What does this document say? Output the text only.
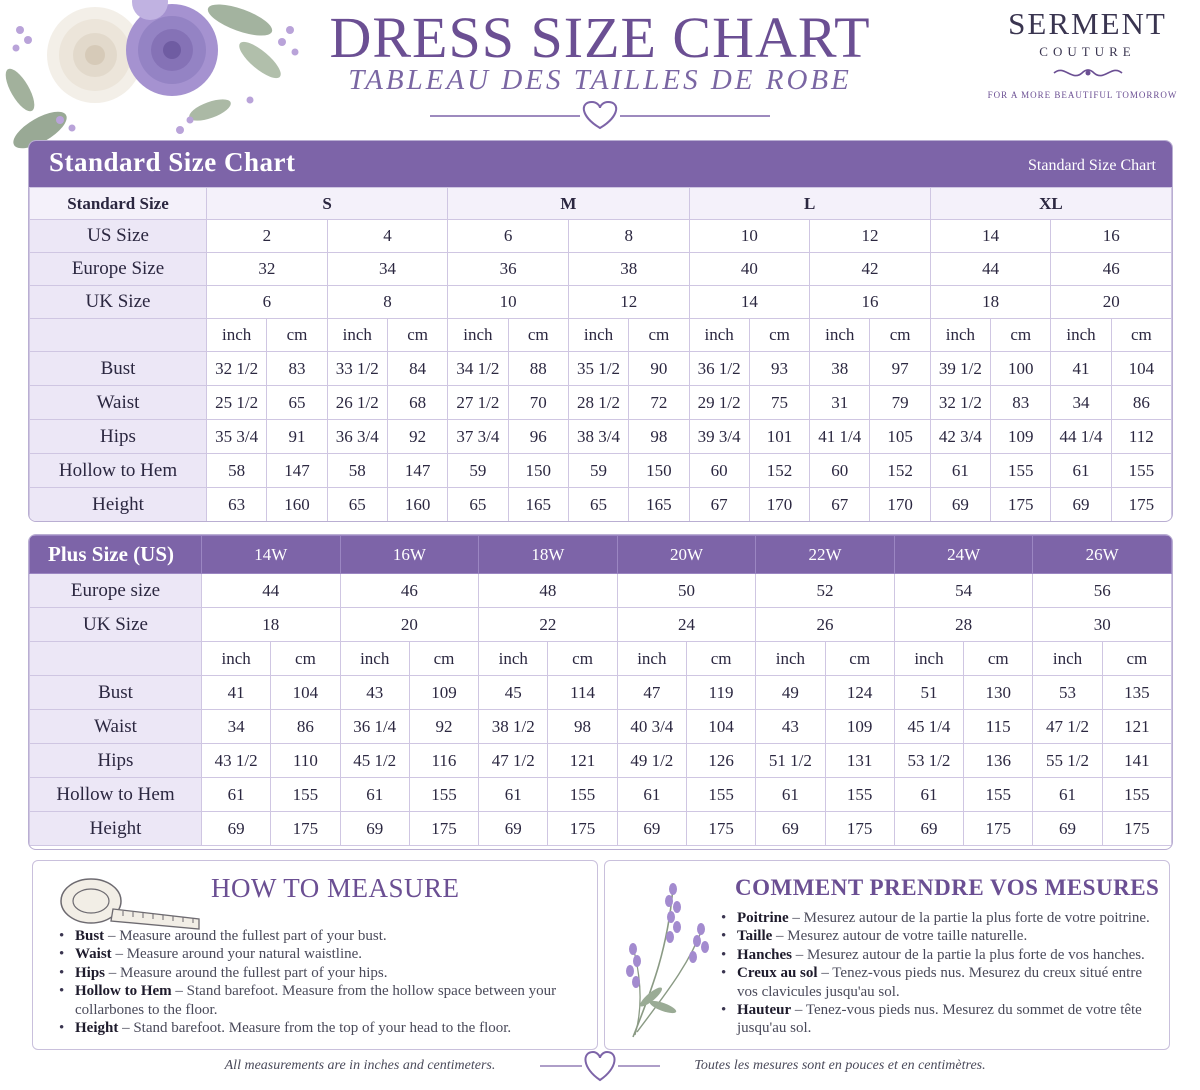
DRESS SIZE CHART
TABLEAU DES TAILLES DE ROBE
SERMENT
COUTURE
FOR A MORE BEAUTIFUL TOMORROW
Standard Size Chart	Standard Size Chart
Standard Size	S				M				L				XL			
US Size	2		4		6		8		10		12		14		16	
Europe Size	32		34		36		38		40		42		44		46	
UK Size	6		8		10		12		14		16		18		20	
	inch	cm	inch	cm	inch	cm	inch	cm	inch	cm	inch	cm	inch	cm	inch	cm
Bust	32 1/2	83	33 1/2	84	34 1/2	88	35 1/2	90	36 1/2	93	38	97	39 1/2	100	41	104
Waist	25 1/2	65	26 1/2	68	27 1/2	70	28 1/2	72	29 1/2	75	31	79	32 1/2	83	34	86
Hips	35 3/4	91	36 3/4	92	37 3/4	96	38 3/4	98	39 3/4	101	41 1/4	105	42 3/4	109	44 1/4	112
Hollow to Hem	58	147	58	147	59	150	59	150	60	152	60	152	61	155	61	155
Height	63	160	65	160	65	165	65	165	67	170	67	170	69	175	69	175
Plus Size (US)	14W		16W		18W		20W		22W		24W		26W	
Europe size	44		46		48		50		52		54		56	
UK Size	18		20		22		24		26		28		30	
	inch	cm	inch	cm	inch	cm	inch	cm	inch	cm	inch	cm	inch	cm
Bust	41	104	43	109	45	114	47	119	49	124	51	130	53	135
Waist	34	86	36 1/4	92	38 1/2	98	40 3/4	104	43	109	45 1/4	115	47 1/2	121
Hips	43 1/2	110	45 1/2	116	47 1/2	121	49 1/2	126	51 1/2	131	53 1/2	136	55 1/2	141
Hollow to Hem	61	155	61	155	61	155	61	155	61	155	61	155	61	155
Height	69	175	69	175	69	175	69	175	69	175	69	175	69	175
HOW TO MEASURE
• Bust – Measure around the fullest part of your bust.
• Waist – Measure around your natural waistline.
• Hips – Measure around the fullest part of your hips.
• Hollow to Hem – Stand barefoot. Measure from the hollow space between your collarbones to the floor.
• Height – Stand barefoot. Measure from the top of your head to the floor.
COMMENT PRENDRE VOS MESURES
• Poitrine – Mesurez autour de la partie la plus forte de votre poitrine.
• Taille – Mesurez autour de votre taille naturelle.
• Hanches – Mesurez autour de la partie la plus forte de vos hanches.
• Creux au sol – Tenez-vous pieds nus. Mesurez du creux situé entre vos clavicules jusqu'au sol.
• Hauteur – Tenez-vous pieds nus. Mesurez du sommet de votre tête jusqu'au sol.
All measurements are in inches and centimeters.	Toutes les mesures sont en pouces et en centimètres.
